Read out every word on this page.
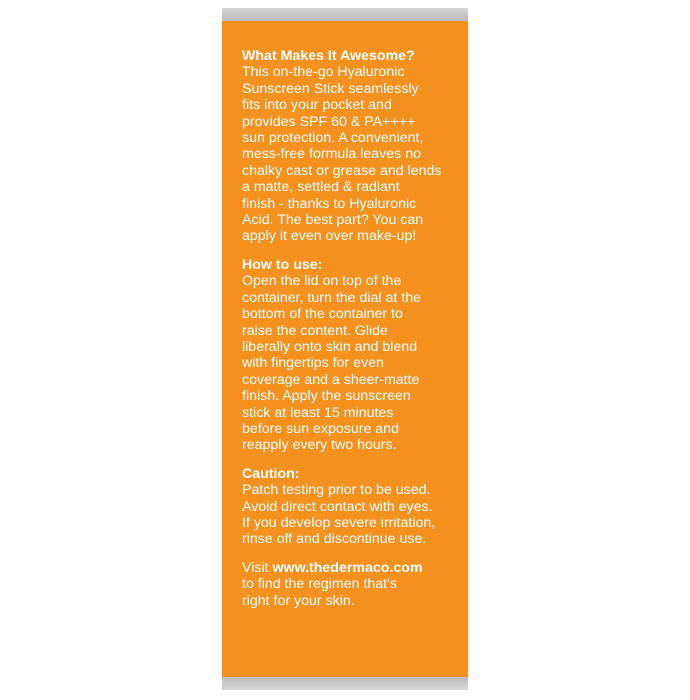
What Makes It Awesome?
This on-the-go Hyaluronic
Sunscreen Stick seamlessly
fits into your pocket and
provides SPF 60 & PA++++
sun protection. A convenient,
mess-free formula leaves no
chalky cast or grease and lends
a matte, settled & radiant
finish - thanks to Hyaluronic
Acid. The best part? You can
apply it even over make-up!
How to use:
Open the lid on top of the
container, turn the dial at the
bottom of the container to
raise the content. Glide
liberally onto skin and blend
with fingertips for even
coverage and a sheer-matte
finish. Apply the sunscreen
stick at least 15 minutes
before sun exposure and
reapply every two hours.
Caution:
Patch testing prior to be used.
Avoid direct contact with eyes.
If you develop severe irritation,
rinse off and discontinue use.
Visit www.thedermaco.com
to find the regimen that's
right for your skin.
